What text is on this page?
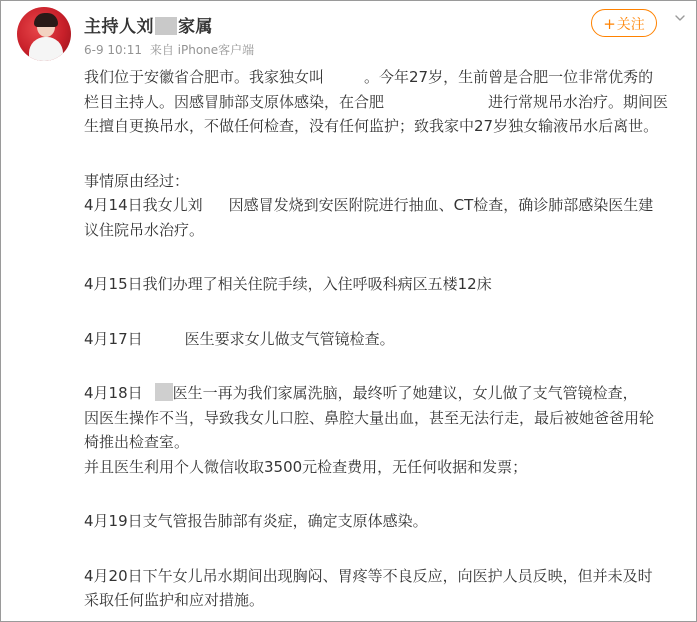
主持人刘 家属
6-9 10:11 来自 iPhone客户端
+关注

我们位于安徽省合肥市。我家独女叫	。今年27岁，生前曾是合肥一位非常优秀的

栏目主持人。因感冒肺部支原体感染，在合肥	进行常规吊水治疗。期间医

生擅自更换吊水，不做任何检查，没有任何监护；致我家中27岁独女输液吊水后离世。

事情原由经过：

4月14日我女儿刘 因感冒发烧到安医附院进行抽血、CT检查，确诊肺部感染医生建

议住院吊水治疗。

4月15日我们办理了相关住院手续，入住呼吸科病区五楼12床

4月17日	医生要求女儿做支气管镜检查。

4月18日 医生一再为我们家属洗脑，最终听了她建议，女儿做了支气管镜检查，

因医生操作不当，导致我女儿口腔、鼻腔大量出血，甚至无法行走，最后被她爸爸用轮

椅推出检查室。

并且医生利用个人微信收取3500元检查费用，无任何收据和发票；

4月19日支气管报告肺部有炎症，确定支原体感染。

4月20日下午女儿吊水期间出现胸闷、胃疼等不良反应，向医护人员反映，但并未及时

采取任何监护和应对措施。
